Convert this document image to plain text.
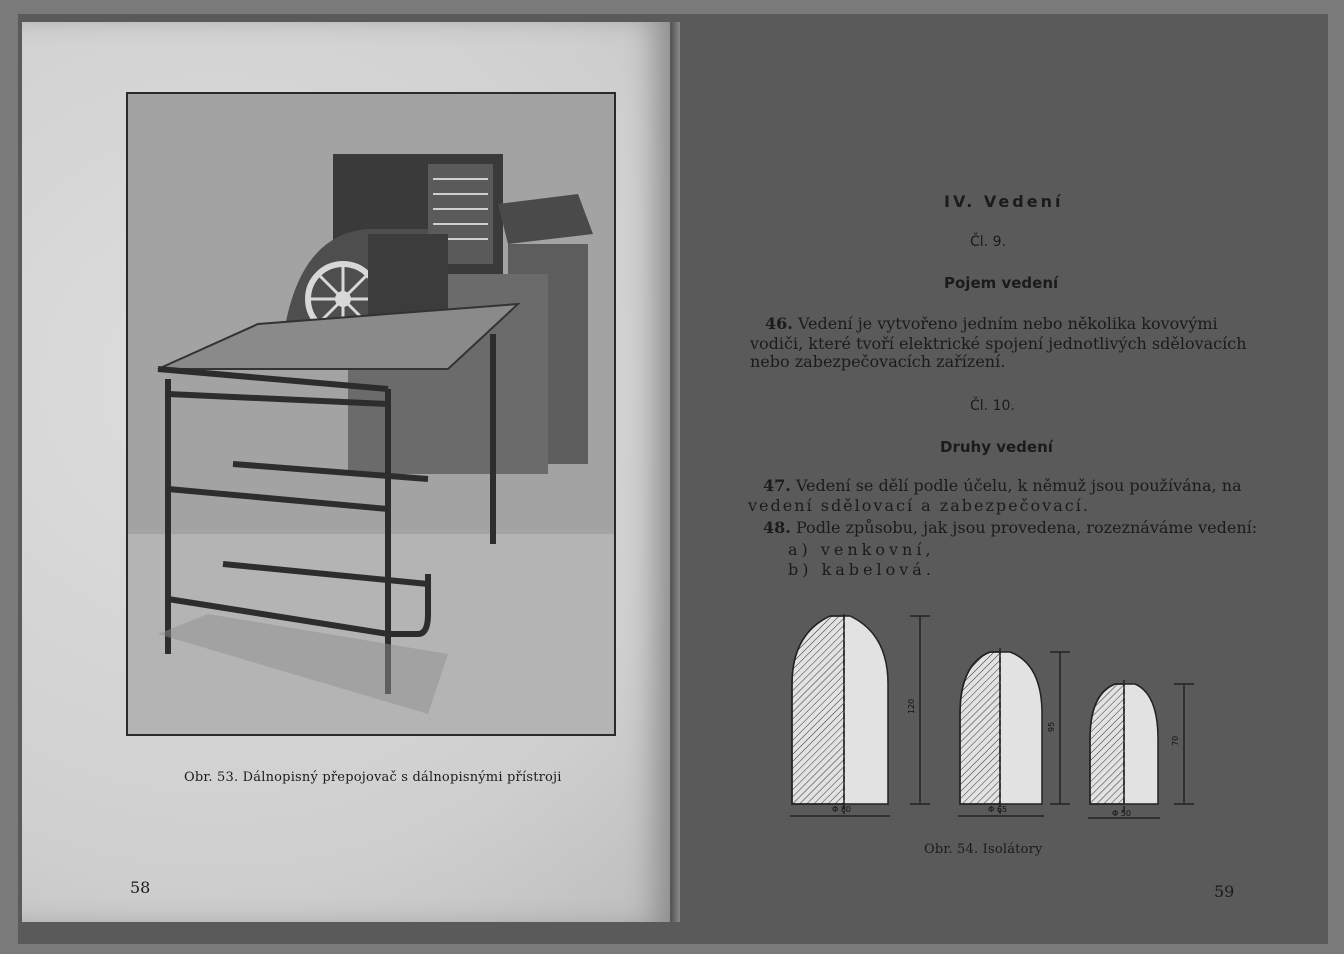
Obr. 53. Dálnopisný přepojovač s dálnopisnými přístroji
58
IV. Vedení
Čl. 9.
Pojem vedení
46. Vedení je vytvořeno jedním nebo několika kovovými
vodiči, které tvoří elektrické spojení jednotlivých sdělovacích
nebo zabezpečovacích zařízení.
Čl. 10.
Druhy vedení
47. Vedení se dělí podle účelu, k němuž jsou používána, na
vedení sdělovací a zabezpečovací.
48. Podle způsobu, jak jsou provedena, rozeznáváme vedení:
a) venkovní,
b) kabelová.
120
Φ 80
95
Φ 65
70
Φ 50
Obr. 54. Isolátory
59
